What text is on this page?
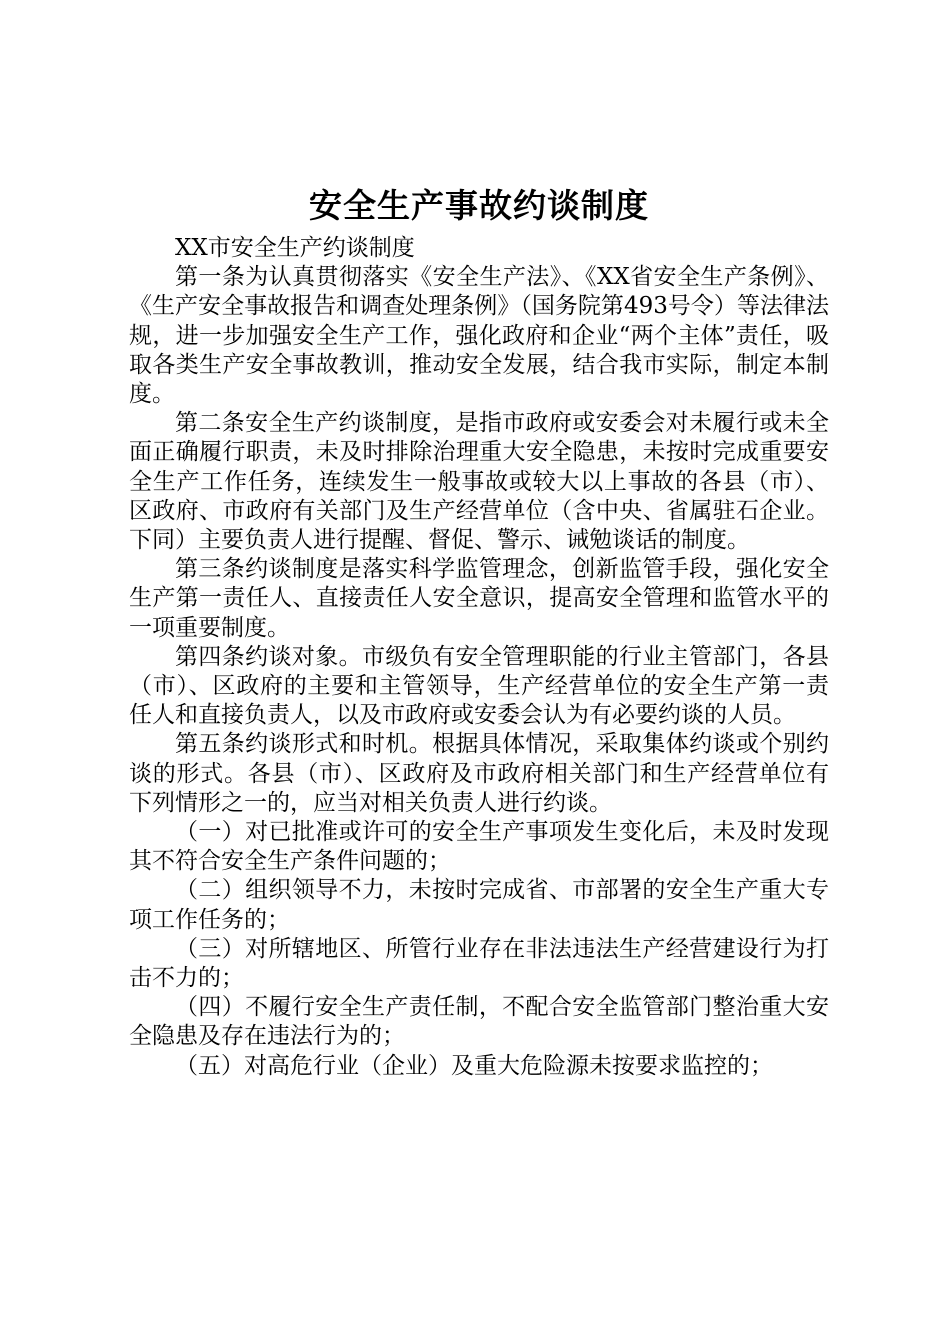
安全生产事故约谈制度

XX市安全生产约谈制度

第一条为认真贯彻落实《安全生产法》、《XX省安全生产条例》、《生产安全事故报告和调查处理条例》（国务院第493号令）等法律法规，进一步加强安全生产工作，强化政府和企业“两个主体”责任，吸取各类生产安全事故教训，推动安全发展，结合我市实际，制定本制度。

第二条安全生产约谈制度，是指市政府或安委会对未履行或未全面正确履行职责，未及时排除治理重大安全隐患，未按时完成重要安全生产工作任务，连续发生一般事故或较大以上事故的各县（市）、区政府、市政府有关部门及生产经营单位（含中央、省属驻石企业。下同）主要负责人进行提醒、督促、警示、诫勉谈话的制度。

第三条约谈制度是落实科学监管理念，创新监管手段，强化安全生产第一责任人、直接责任人安全意识，提高安全管理和监管水平的一项重要制度。

第四条约谈对象。市级负有安全管理职能的行业主管部门，各县（市）、区政府的主要和主管领导，生产经营单位的安全生产第一责任人和直接负责人，以及市政府或安委会认为有必要约谈的人员。

第五条约谈形式和时机。根据具体情况，采取集体约谈或个别约谈的形式。各县（市）、区政府及市政府相关部门和生产经营单位有下列情形之一的，应当对相关负责人进行约谈。

（一）对已批准或许可的安全生产事项发生变化后，未及时发现其不符合安全生产条件问题的；

（二）组织领导不力，未按时完成省、市部署的安全生产重大专项工作任务的；

（三）对所辖地区、所管行业存在非法违法生产经营建设行为打击不力的；

（四）不履行安全生产责任制，不配合安全监管部门整治重大安全隐患及存在违法行为的；

（五）对高危行业（企业）及重大危险源未按要求监控的；
